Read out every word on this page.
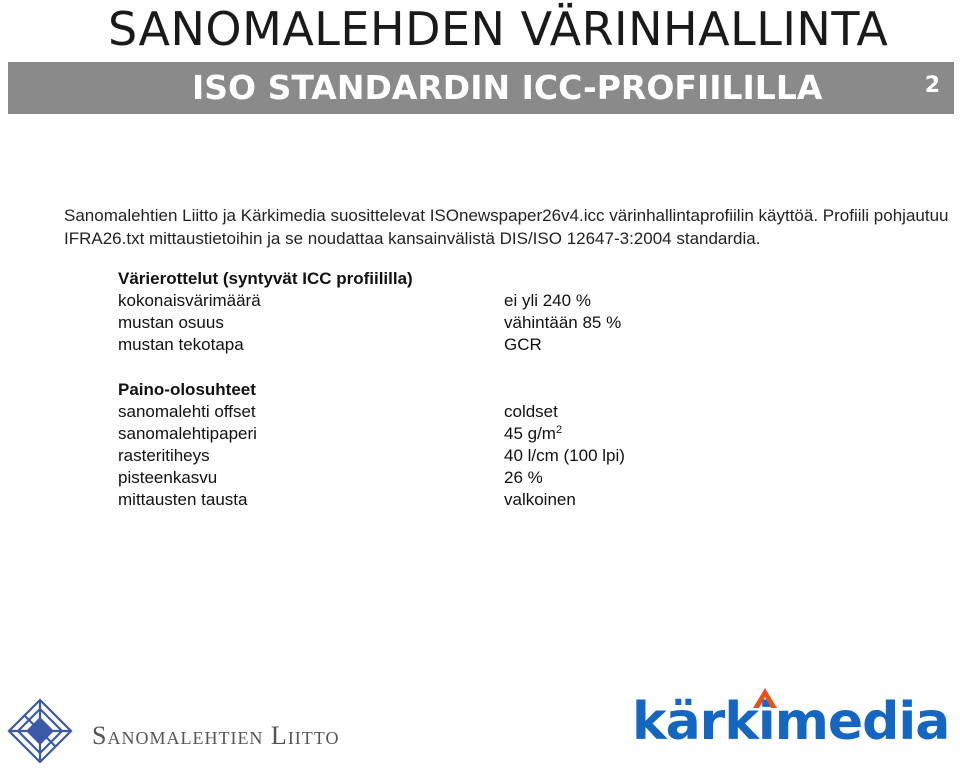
SANOMALEHDEN VÄRINHALLINTA
ISO STANDARDIN ICC-PROFIILILLA	2
Sanomalehtien Liitto ja Kärkimedia suosittelevat ISOnewspaper26v4.icc värinhallintaprofiilin käyttöä. Profiili pohjautuu IFRA26.txt mittaustietoihin ja se noudattaa kansainvälistä DIS/ISO 12647-3:2004 standardia.
Värierottelut (syntyvät ICC profiililla)
kokonaisvärimäärä	ei yli 240 %
mustan osuus	vähintään 85 %
mustan tekotapa	GCR
Paino-olosuhteet
sanomalehti offset	coldset
sanomalehtipaperi	45 $g/m^2$
rasteritiheys	40 l/cm (100 lpi)
pisteenkasvu	26 %
mittausten tausta	valkoinen
Sanomalehtien Liitto	kärkimedia
